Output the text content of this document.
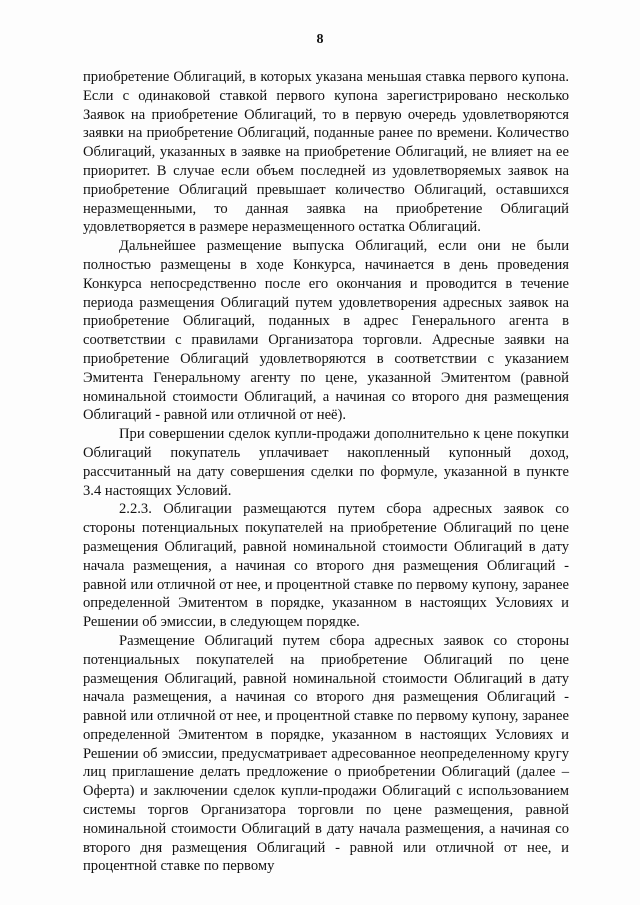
8

приобретение Облигаций, в которых указана меньшая ставка первого купона. Если с одинаковой ставкой первого купона зарегистрировано несколько Заявок на приобретение Облигаций, то в первую очередь удовлетворяются заявки на приобретение Облигаций, поданные ранее по времени. Количество Облигаций, указанных в заявке на приобретение Облигаций, не влияет на ее приоритет. В случае если объем последней из удовлетворяемых заявок на приобретение Облигаций превышает количество Облигаций, оставшихся неразмещенными, то данная заявка на приобретение Облигаций удовлетворяется в размере неразмещенного остатка Облигаций.

Дальнейшее размещение выпуска Облигаций, если они не были полностью размещены в ходе Конкурса, начинается в день проведения Конкурса непосредственно после его окончания и проводится в течение периода размещения Облигаций путем удовлетворения адресных заявок на приобретение Облигаций, поданных в адрес Генерального агента в соответствии с правилами Организатора торговли. Адресные заявки на приобретение Облигаций удовлетворяются в соответствии с указанием Эмитента Генеральному агенту по цене, указанной Эмитентом (равной номинальной стоимости Облигаций, а начиная со второго дня размещения Облигаций - равной или отличной от неё).

При совершении сделок купли-продажи дополнительно к цене покупки Облигаций покупатель уплачивает накопленный купонный доход, рассчитанный на дату совершения сделки по формуле, указанной в пункте 3.4 настоящих Условий.

2.2.3. Облигации размещаются путем сбора адресных заявок со стороны потенциальных покупателей на приобретение Облигаций по цене размещения Облигаций, равной номинальной стоимости Облигаций в дату начала размещения, а начиная со второго дня размещения Облигаций - равной или отличной от нее, и процентной ставке по первому купону, заранее определенной Эмитентом в порядке, указанном в настоящих Условиях и Решении об эмиссии, в следующем порядке.

Размещение Облигаций путем сбора адресных заявок со стороны потенциальных покупателей на приобретение Облигаций по цене размещения Облигаций, равной номинальной стоимости Облигаций в дату начала размещения, а начиная со второго дня размещения Облигаций - равной или отличной от нее, и процентной ставке по первому купону, заранее определенной Эмитентом в порядке, указанном в настоящих Условиях и Решении об эмиссии, предусматривает адресованное неопределенному кругу лиц приглашение делать предложение о приобретении Облигаций (далее – Оферта) и заключении сделок купли-продажи Облигаций с использованием системы торгов Организатора торговли по цене размещения, равной номинальной стоимости Облигаций в дату начала размещения, а начиная со второго дня размещения Облигаций - равной или отличной от нее, и процентной ставке по первому
